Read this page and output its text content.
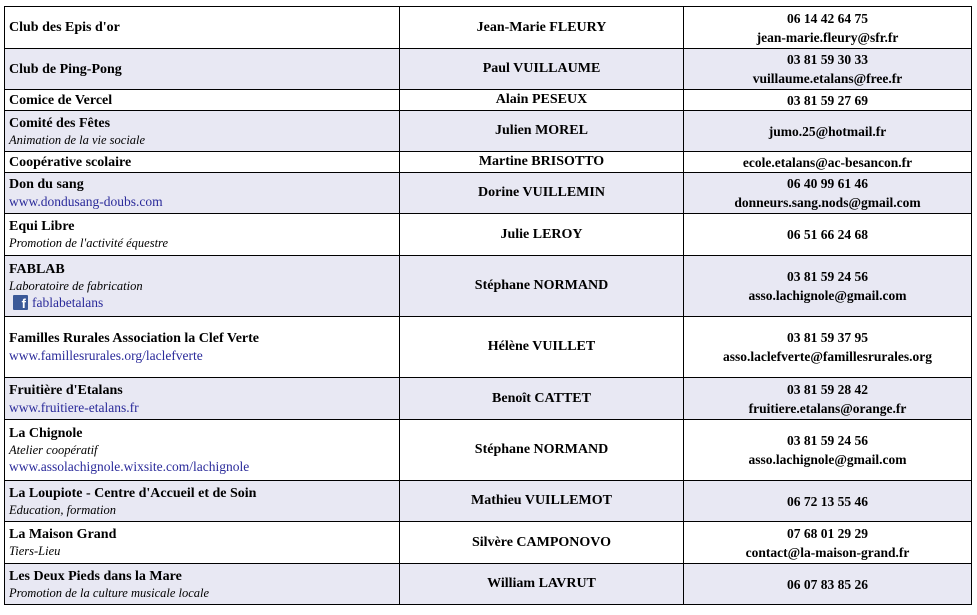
Club des Epis d'or	Jean-Marie FLEURY	06 14 42 64 75
jean-marie.fleury@sfr.fr

Club de Ping-Pong	Paul VUILLAUME	03 81 59 30 33
vuillaume.etalans@free.fr

Comice de Vercel	Alain PESEUX	03 81 59 27 69

Comité des Fêtes
Animation de la vie sociale	Julien MOREL	jumo.25@hotmail.fr

Coopérative scolaire	Martine BRISOTTO	ecole.etalans@ac-besancon.fr

Don du sang
www.dondusang-doubs.com	Dorine VUILLEMIN	06 40 99 61 46
donneurs.sang.nods@gmail.com

Equi Libre
Promotion de l'activité équestre	Julie LEROY	06 51 66 24 68

FABLAB
Laboratoire de fabrication
f fablabetalans	Stéphane NORMAND	03 81 59 24 56
asso.lachignole@gmail.com

Familles Rurales Association la Clef Verte
www.famillesrurales.org/laclefverte	Hélène VUILLET	03 81 59 37 95
asso.laclefverte@famillesrurales.org

Fruitière d'Etalans
www.fruitiere-etalans.fr	Benoît CATTET	03 81 59 28 42
fruitiere.etalans@orange.fr

La Chignole
Atelier coopératif
www.assolachignole.wixsite.com/lachignole	Stéphane NORMAND	03 81 59 24 56
asso.lachignole@gmail.com

La Loupiote - Centre d'Accueil et de Soin
Education, formation	Mathieu VUILLEMOT	06 72 13 55 46

La Maison Grand
Tiers-Lieu	Silvère CAMPONOVO	07 68 01 29 29
contact@la-maison-grand.fr

Les Deux Pieds dans la Mare
Promotion de la culture musicale locale	William LAVRUT	06 07 83 85 26
